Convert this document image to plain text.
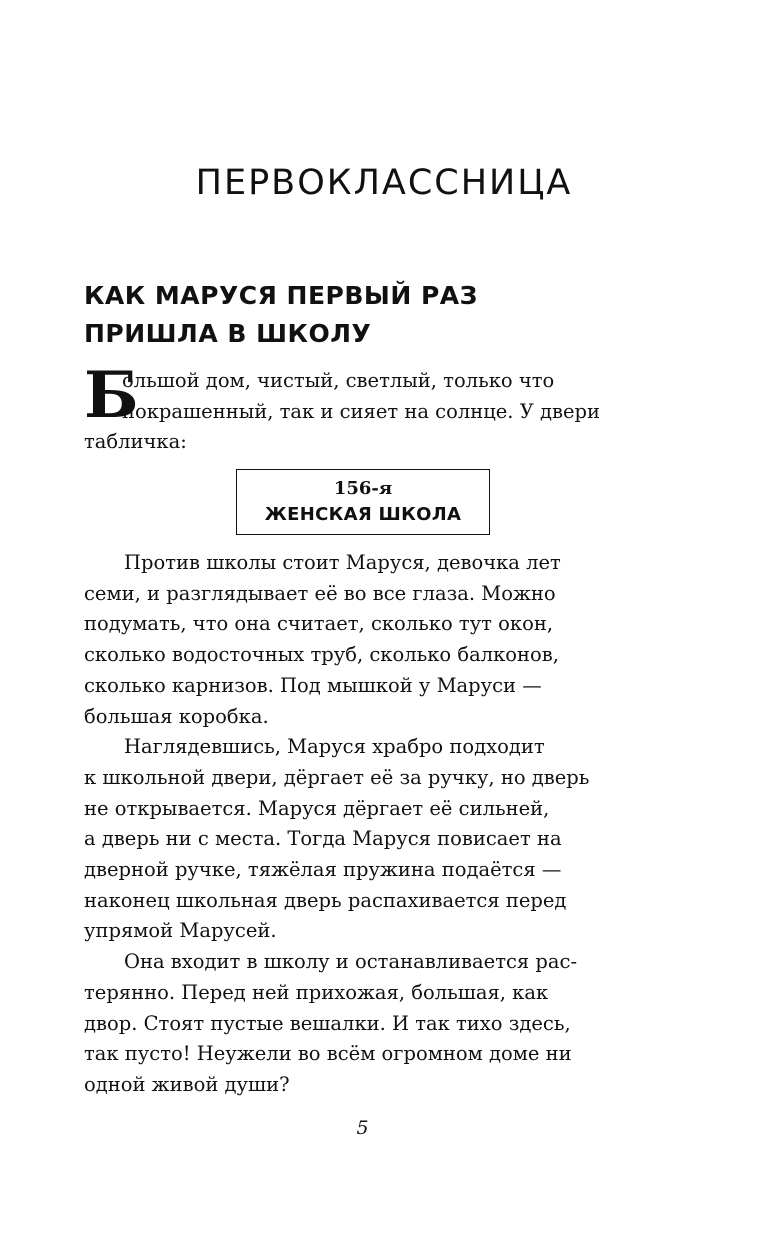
ПЕРВОКЛАССНИЦА
КАК МАРУСЯ ПЕРВЫЙ РАЗ
ПРИШЛА В ШКОЛУ
Б
ольшой дом, чистый, светлый, только что
покрашенный, так и сияет на солнце. У двери
табличка:
156-я
ЖЕНСКАЯ ШКОЛА
Против школы стоит Маруся, девочка лет
семи, и разглядывает её во все глаза. Можно
подумать, что она считает, сколько тут окон,
сколько водосточных труб, сколько балконов,
сколько карнизов. Под мышкой у Маруси —
большая коробка.
Наглядевшись, Маруся храбро подходит
к школьной двери, дёргает её за ручку, но дверь
не открывается. Маруся дёргает её сильней,
а дверь ни с места. Тогда Маруся повисает на
дверной ручке, тяжёлая пружина подаётся —
наконец школьная дверь распахивается перед
упрямой Марусей.
Она входит в школу и останавливается рас-
терянно. Перед ней прихожая, большая, как
двор. Стоят пустые вешалки. И так тихо здесь,
так пусто! Неужели во всём огромном доме ни
одной живой души?
5
